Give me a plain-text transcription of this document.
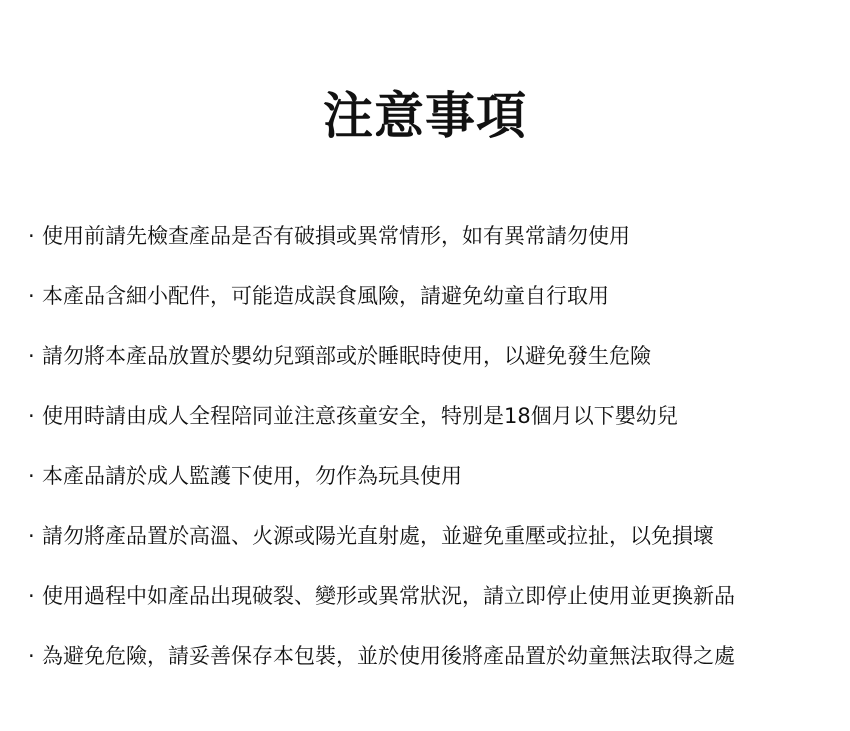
注意事項
· 使用前請先檢查產品是否有破損或異常情形，如有異常請勿使用
· 本產品含細小配件，可能造成誤食風險，請避免幼童自行取用
· 請勿將本產品放置於嬰幼兒頸部或於睡眠時使用，以避免發生危險
· 使用時請由成人全程陪同並注意孩童安全，特別是18個月以下嬰幼兒
· 本產品請於成人監護下使用，勿作為玩具使用
· 請勿將產品置於高溫、火源或陽光直射處，並避免重壓或拉扯，以免損壞
· 使用過程中如產品出現破裂、變形或異常狀況，請立即停止使用並更換新品
· 為避免危險，請妥善保存本包裝，並於使用後將產品置於幼童無法取得之處
